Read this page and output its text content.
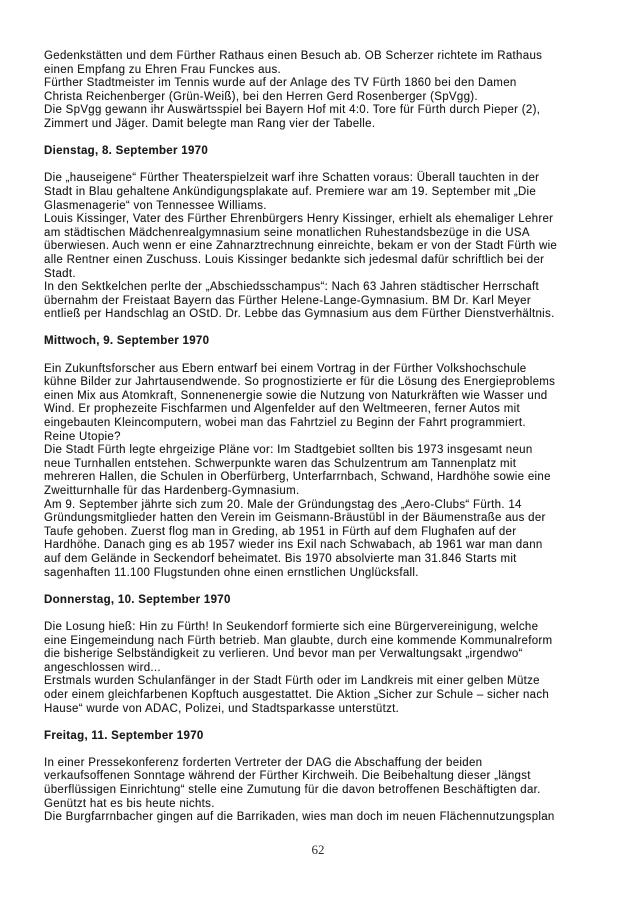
Gedenkstätten und dem Fürther Rathaus einen Besuch ab. OB Scherzer richtete im Rathaus
einen Empfang zu Ehren Frau Funckes aus.
Fürther Stadtmeister im Tennis wurde auf der Anlage des TV Fürth 1860 bei den Damen
Christa Reichenberger (Grün-Weiß), bei den Herren Gerd Rosenberger (SpVgg).
Die SpVgg gewann ihr Auswärtsspiel bei Bayern Hof mit 4:0. Tore für Fürth durch Pieper (2),
Zimmert und Jäger. Damit belegte man Rang vier der Tabelle.
Dienstag, 8. September 1970
Die „hauseigene“ Fürther Theaterspielzeit warf ihre Schatten voraus: Überall tauchten in der
Stadt in Blau gehaltene Ankündigungsplakate auf. Premiere war am 19. September mit „Die
Glasmenagerie“ von Tennessee Williams.
Louis Kissinger, Vater des Fürther Ehrenbürgers Henry Kissinger, erhielt als ehemaliger Lehrer
am städtischen Mädchenrealgymnasium seine monatlichen Ruhestandsbezüge in die USA
überwiesen. Auch wenn er eine Zahnarztrechnung einreichte, bekam er von der Stadt Fürth wie
alle Rentner einen Zuschuss. Louis Kissinger bedankte sich jedesmal dafür schriftlich bei der
Stadt.
In den Sektkelchen perlte der „Abschiedsschampus“: Nach 63 Jahren städtischer Herrschaft
übernahm der Freistaat Bayern das Fürther Helene-Lange-Gymnasium. BM Dr. Karl Meyer
entließ per Handschlag an OStD. Dr. Lebbe das Gymnasium aus dem Fürther Dienstverhältnis.
Mittwoch, 9. September 1970
Ein Zukunftsforscher aus Ebern entwarf bei einem Vortrag in der Fürther Volkshochschule
kühne Bilder zur Jahrtausendwende. So prognostizierte er für die Lösung des Energieproblems
einen Mix aus Atomkraft, Sonnenenergie sowie die Nutzung von Naturkräften wie Wasser und
Wind. Er prophezeite Fischfarmen und Algenfelder auf den Weltmeeren, ferner Autos mit
eingebauten Kleincomputern, wobei man das Fahrtziel zu Beginn der Fahrt programmiert.
Reine Utopie?
Die Stadt Fürth legte ehrgeizige Pläne vor: Im Stadtgebiet sollten bis 1973 insgesamt neun
neue Turnhallen entstehen. Schwerpunkte waren das Schulzentrum am Tannenplatz mit
mehreren Hallen, die Schulen in Oberfürberg, Unterfarrnbach, Schwand, Hardhöhe sowie eine
Zweitturnhalle für das Hardenberg-Gymnasium.
Am 9. September jährte sich zum 20. Male der Gründungstag des „Aero-Clubs“ Fürth. 14
Gründungsmitglieder hatten den Verein im Geismann-Bräustübl in der Bäumenstraße aus der
Taufe gehoben. Zuerst flog man in Greding, ab 1951 in Fürth auf dem Flughafen auf der
Hardhöhe. Danach ging es ab 1957 wieder ins Exil nach Schwabach, ab 1961 war man dann
auf dem Gelände in Seckendorf beheimatet. Bis 1970 absolvierte man 31.846 Starts mit
sagenhaften 11.100 Flugstunden ohne einen ernstlichen Unglücksfall.
Donnerstag, 10. September 1970
Die Losung hieß: Hin zu Fürth! In Seukendorf formierte sich eine Bürgervereinigung, welche
eine Eingemeindung nach Fürth betrieb. Man glaubte, durch eine kommende Kommunalreform
die bisherige Selbständigkeit zu verlieren. Und bevor man per Verwaltungsakt „irgendwo“
angeschlossen wird...
Erstmals wurden Schulanfänger in der Stadt Fürth oder im Landkreis mit einer gelben Mütze
oder einem gleichfarbenen Kopftuch ausgestattet. Die Aktion „Sicher zur Schule – sicher nach
Hause“ wurde von ADAC, Polizei, und Stadtsparkasse unterstützt.
Freitag, 11. September 1970
In einer Pressekonferenz forderten Vertreter der DAG die Abschaffung der beiden
verkaufsoffenen Sonntage während der Fürther Kirchweih. Die Beibehaltung dieser „längst
überflüssigen Einrichtung“ stelle eine Zumutung für die davon betroffenen Beschäftigten dar.
Genützt hat es bis heute nichts.
Die Burgfarrnbacher gingen auf die Barrikaden, wies man doch im neuen Flächennutzungsplan
62
